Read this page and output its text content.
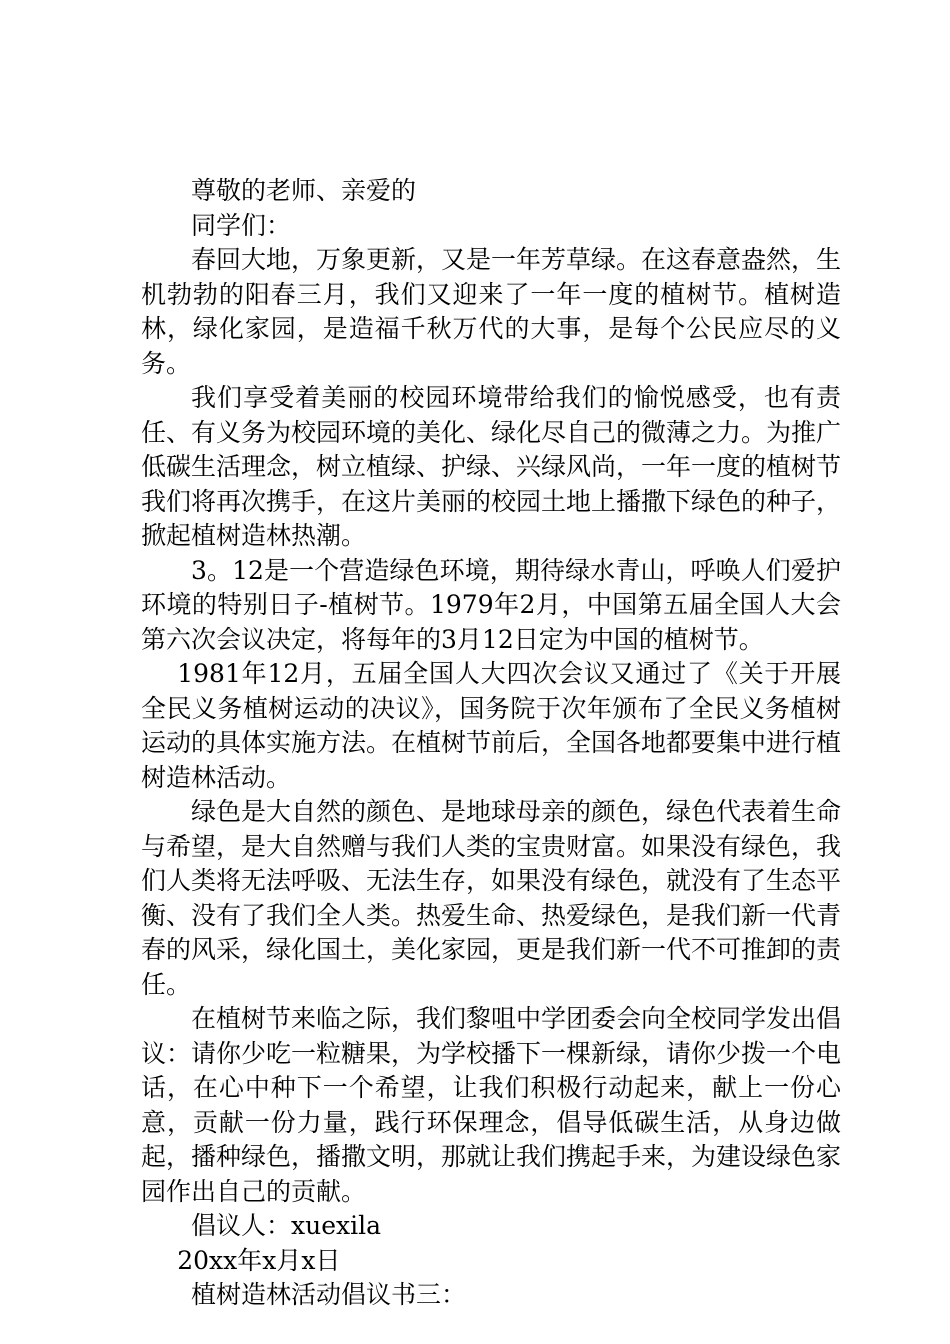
尊敬的老师、亲爱的

同学们：

春回大地，万象更新，又是一年芳草绿。在这春意盎然，生机勃勃的阳春三月，我们又迎来了一年一度的植树节。植树造林，绿化家园，是造福千秋万代的大事，是每个公民应尽的义务。

我们享受着美丽的校园环境带给我们的愉悦感受，也有责任、有义务为校园环境的美化、绿化尽自己的微薄之力。为推广低碳生活理念，树立植绿、护绿、兴绿风尚，一年一度的植树节我们将再次携手，在这片美丽的校园土地上播撒下绿色的种子，掀起植树造林热潮。

3。12是一个营造绿色环境，期待绿水青山，呼唤人们爱护环境的特别日子-植树节。1979年2月，中国第五届全国人大会第六次会议决定，将每年的3月12日定为中国的植树节。

1981年12月，五届全国人大四次会议又通过了《关于开展全民义务植树运动的决议》，国务院于次年颁布了全民义务植树运动的具体实施方法。在植树节前后，全国各地都要集中进行植树造林活动。

绿色是大自然的颜色、是地球母亲的颜色，绿色代表着生命与希望，是大自然赠与我们人类的宝贵财富。如果没有绿色，我们人类将无法呼吸、无法生存，如果没有绿色，就没有了生态平衡、没有了我们全人类。热爱生命、热爱绿色，是我们新一代青春的风采，绿化国土，美化家园，更是我们新一代不可推卸的责任。

在植树节来临之际，我们黎咀中学团委会向全校同学发出倡议：请你少吃一粒糖果，为学校播下一棵新绿，请你少拨一个电话，在心中种下一个希望，让我们积极行动起来，献上一份心意，贡献一份力量，践行环保理念，倡导低碳生活，从身边做起，播种绿色，播撒文明，那就让我们携起手来，为建设绿色家园作出自己的贡献。

倡议人：xuexila

20xx年x月x日

植树造林活动倡议书三：
